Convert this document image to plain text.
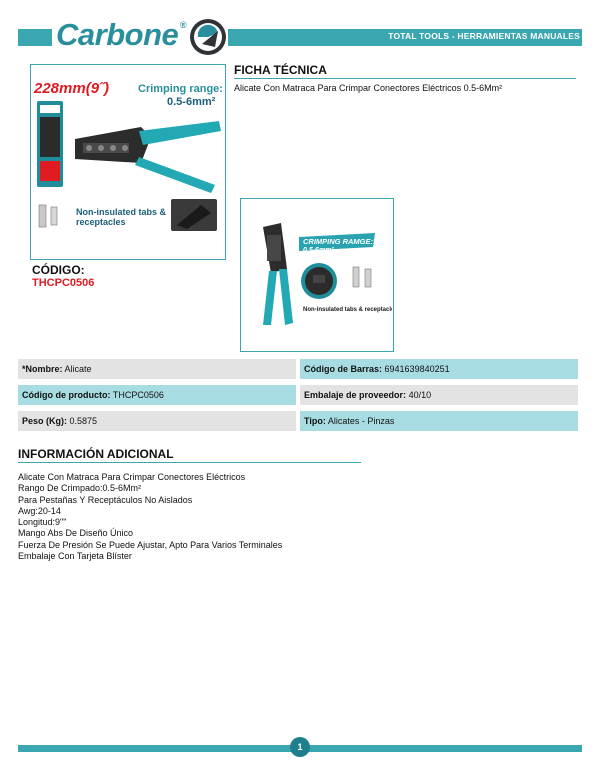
TOTAL TOOLS - HERRAMIENTAS MANUALES
Carbone ®
228mm(9˝)	Crimping range:
0.5-6mm²
Non-insulated tabs & receptacles
CÓDIGO:
THCPC0506
FICHA TÉCNICA
Alicate Con Matraca Para Crimpar Conectores Eléctricos 0.5-6Mm²
CRIMPING RAMGE:
0.5-6mm²
Non-insulated tabs & receptacles
*Nombre: Alicate	Código de Barras: 6941639840251
Código de producto: THCPC0506	Embalaje de proveedor: 40/10
Peso (Kg): 0.5875	Tipo: Alicates - Pinzas
INFORMACIÓN ADICIONAL
Alicate Con Matraca Para Crimpar Conectores Eléctricos
Rango De Crimpado:0.5-6Mm²
Para Pestañas Y Receptáculos No Aislados
Awg:20-14
Longitud:9""
Mango Abs De Diseño Único
Fuerza De Presión Se Puede Ajustar, Apto Para Varios Terminales
Embalaje Con Tarjeta Blíster
1
